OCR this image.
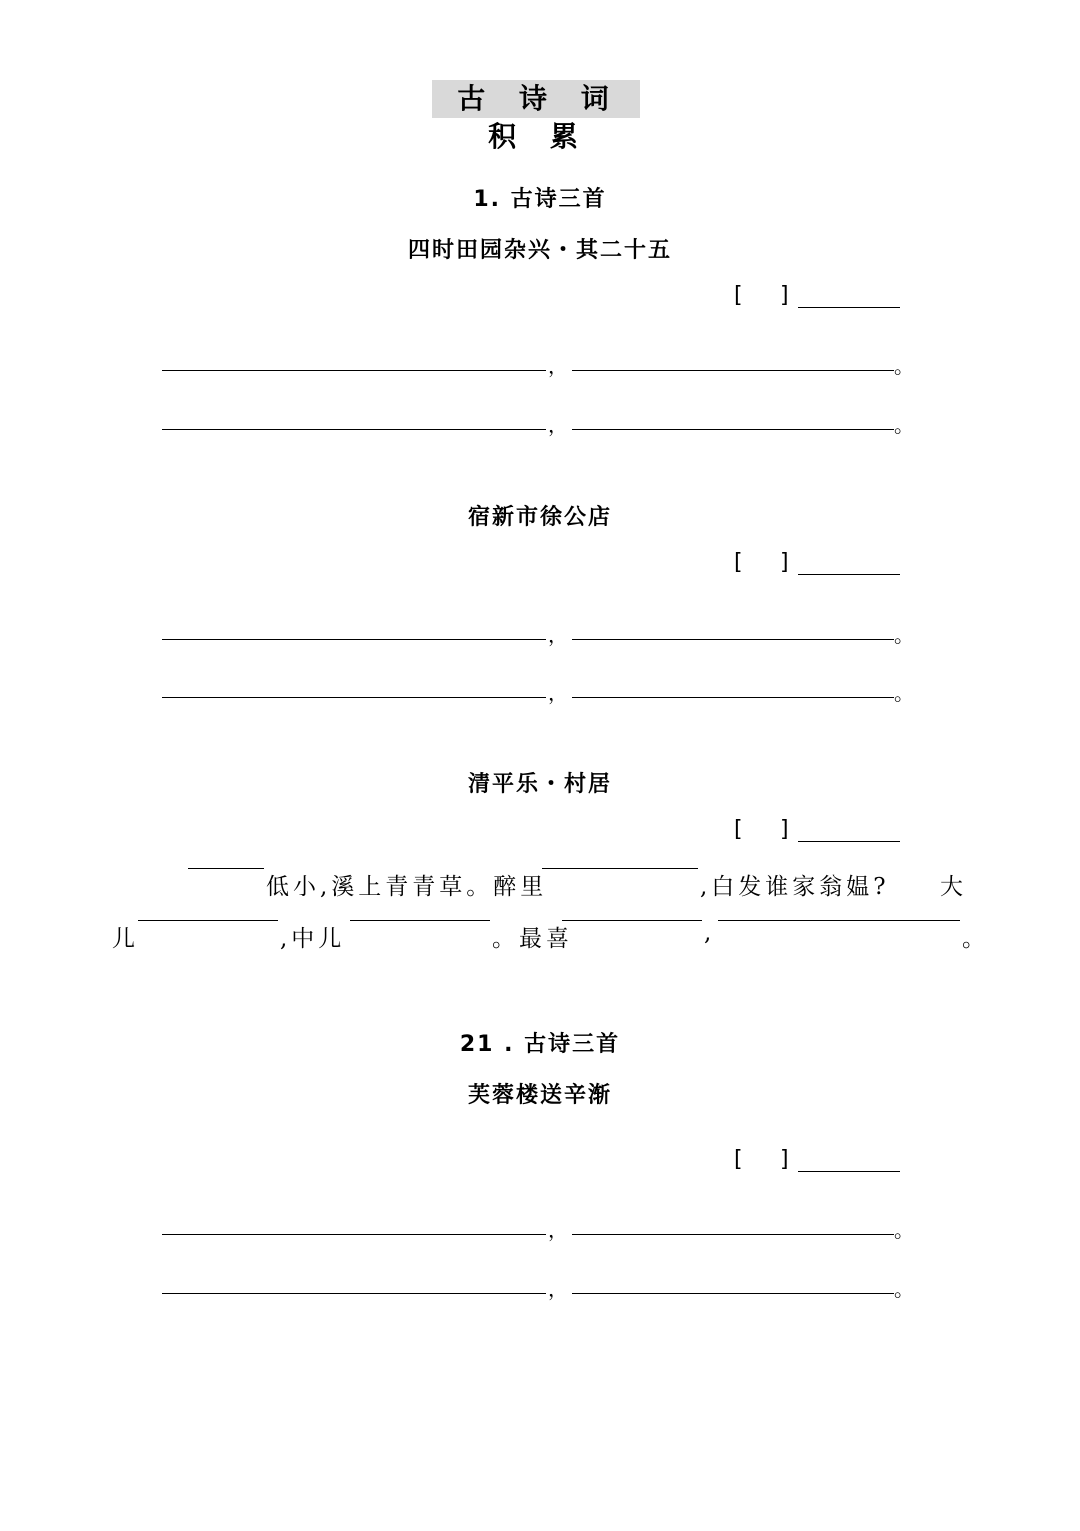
古 诗 词 积 累
1. 古诗三首
四时田园杂兴・其二十五
[ ]
，	。
，	。
宿新市徐公店
[ ]
，	。
，	。
清平乐・村居
[ ]
低小,溪上青青草。醉里	,白发谁家翁媪? 大
儿	,中儿	。最喜	,	。
21 . 古诗三首
芙蓉楼送辛渐
[ ]
，	。
，	。
